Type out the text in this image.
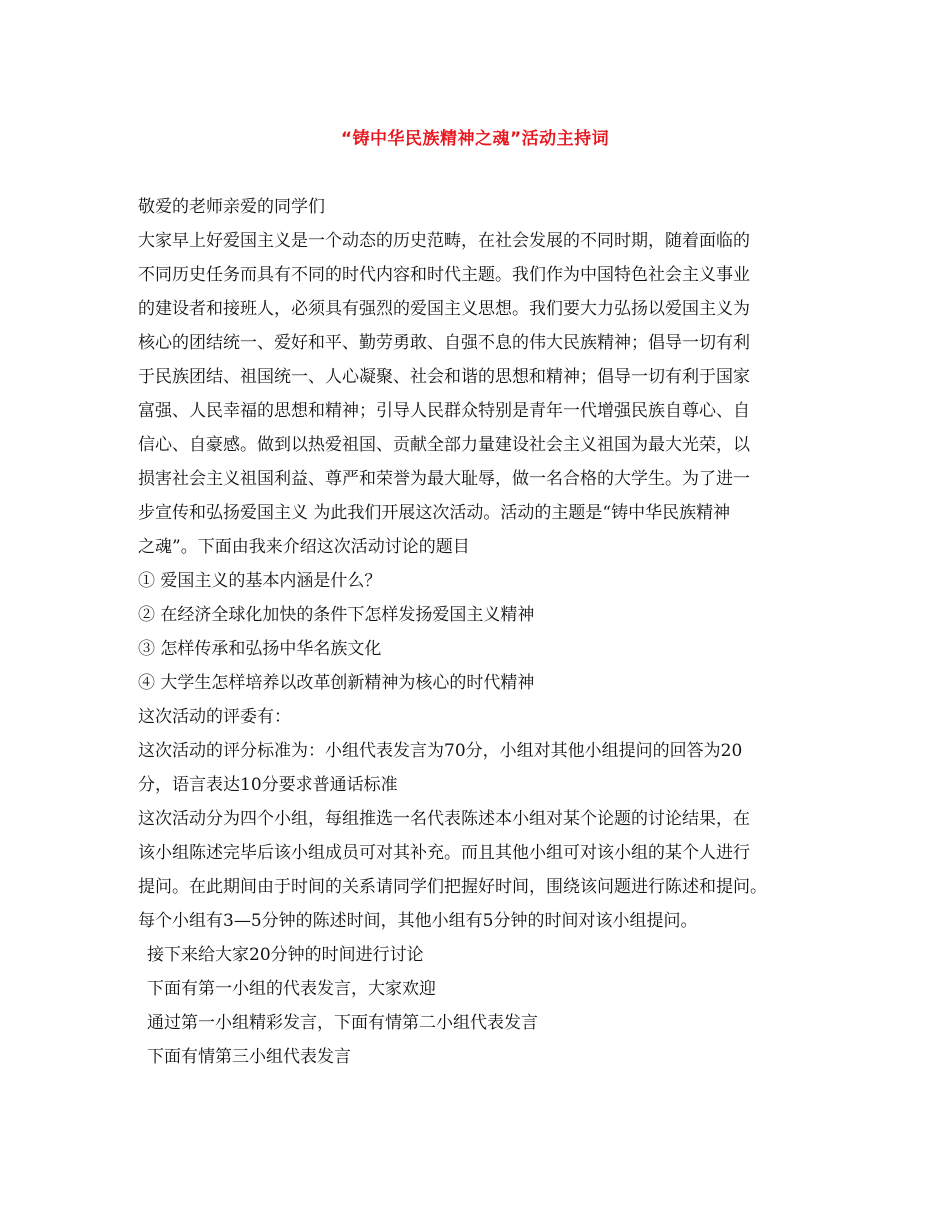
“铸中华民族精神之魂”活动主持词
敬爱的老师亲爱的同学们
大家早上好爱国主义是一个动态的历史范畴，在社会发展的不同时期，随着面临的
不同历史任务而具有不同的时代内容和时代主题。我们作为中国特色社会主义事业
的建设者和接班人，必须具有强烈的爱国主义思想。我们要大力弘扬以爱国主义为
核心的团结统一、爱好和平、勤劳勇敢、自强不息的伟大民族精神；倡导一切有利
于民族团结、祖国统一、人心凝聚、社会和谐的思想和精神；倡导一切有利于国家
富强、人民幸福的思想和精神；引导人民群众特别是青年一代增强民族自尊心、自
信心、自豪感。做到以热爱祖国、贡献全部力量建设社会主义祖国为最大光荣，以
损害社会主义祖国利益、尊严和荣誉为最大耻辱，做一名合格的大学生。为了进一
步宣传和弘扬爱国主义 为此我们开展这次活动。活动的主题是“铸中华民族精神
之魂”。下面由我来介绍这次活动讨论的题目
① 爱国主义的基本内涵是什么？
② 在经济全球化加快的条件下怎样发扬爱国主义精神
③ 怎样传承和弘扬中华名族文化
④ 大学生怎样培养以改革创新精神为核心的时代精神
这次活动的评委有：
这次活动的评分标准为：小组代表发言为70分，小组对其他小组提问的回答为20
分，语言表达10分要求普通话标准
这次活动分为四个小组，每组推选一名代表陈述本小组对某个论题的讨论结果，在
该小组陈述完毕后该小组成员可对其补充。而且其他小组可对该小组的某个人进行
提问。在此期间由于时间的关系请同学们把握好时间，围绕该问题进行陈述和提问。
每个小组有3—5分钟的陈述时间，其他小组有5分钟的时间对该小组提问。
接下来给大家20分钟的时间进行讨论
下面有第一小组的代表发言，大家欢迎
通过第一小组精彩发言，下面有情第二小组代表发言
下面有情第三小组代表发言
